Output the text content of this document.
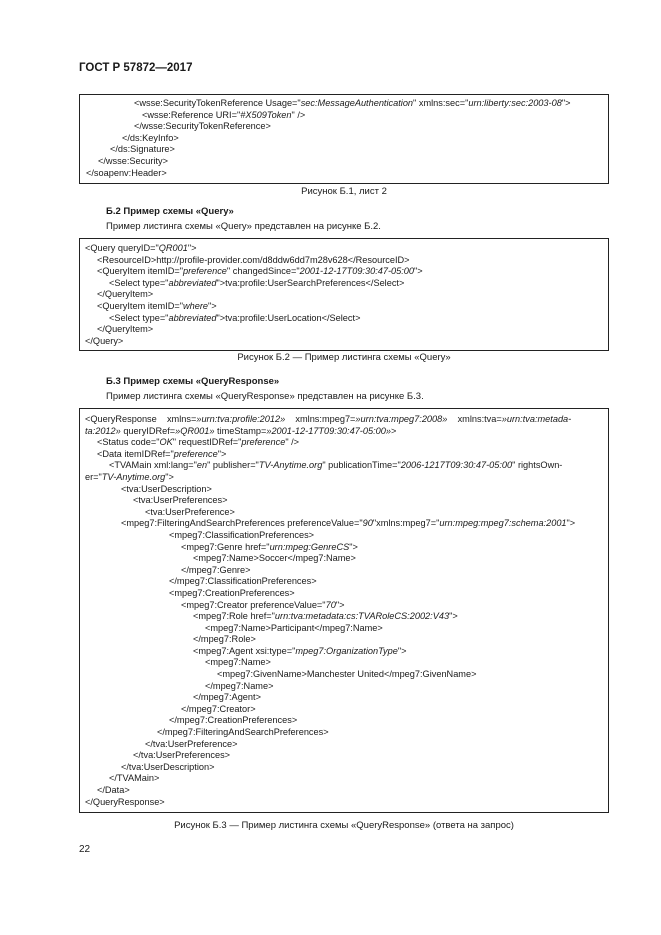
ГОСТ Р 57872—2017
<wsse:SecurityTokenReference Usage="sec:MessageAuthentication" xmlns:sec="urn:liberty:sec:2003-08">
<wsse:Reference URI="#X509Token" />
</wsse:SecurityTokenReference>
</ds:KeyInfo>
</ds:Signature>
</wsse:Security>
</soapenv:Header>
Рисунок Б.1, лист 2
Б.2 Пример схемы «Query»
Пример листинга схемы «Query» представлен на рисунке Б.2.
<Query queryID="QR001">
<ResourceID>http://profile-provider.com/d8ddw6dd7m28v628</ResourceID>
<QueryItem itemID="preference" changedSince="2001-12-17T09:30:47-05:00">
<Select type="abbreviated">tva:profile:UserSearchPreferences</Select>
</QueryItem>
<QueryItem itemID="where">
<Select type="abbreviated">tva:profile:UserLocation</Select>
</QueryItem>
</Query>
Рисунок Б.2 — Пример листинга схемы «Query»
Б.3 Пример схемы «QueryResponse»
Пример листинга схемы «QueryResponse» представлен на рисунке Б.3.
<QueryResponse    xmlns=»urn:tva:profile:2012»    xmlns:mpeg7=»urn:tva:mpeg7:2008»    xmlns:tva=»urn:tva:metada-
ta:2012» queryIDRef=»QR001» timeStamp=»2001-12-17T09:30:47-05:00»>
<Status code="OK" requestIDRef="preference" />
<Data itemIDRef="preference">
<TVAMain xml:lang="en" publisher="TV-Anytime.org" publicationTime="2006-1217T09:30:47-05:00" rightsOwn-
er="TV-Anytime.org">
<tva:UserDescription>
<tva:UserPreferences>
<tva:UserPreference>
<mpeg7:FilteringAndSearchPreferences preferenceValue="90"xmlns:mpeg7="urn:mpeg:mpeg7:schema:2001">
<mpeg7:ClassificationPreferences>
<mpeg7:Genre href="urn:mpeg:GenreCS">
<mpeg7:Name>Soccer</mpeg7:Name>
</mpeg7:Genre>
</mpeg7:ClassificationPreferences>
<mpeg7:CreationPreferences>
<mpeg7:Creator preferenceValue="70">
<mpeg7:Role href="urn:tva:metadata:cs:TVARoleCS:2002:V43">
<mpeg7:Name>Participant</mpeg7:Name>
</mpeg7:Role>
<mpeg7:Agent xsi:type="mpeg7:OrganizationType">
<mpeg7:Name>
<mpeg7:GivenName>Manchester United</mpeg7:GivenName>
</mpeg7:Name>
</mpeg7:Agent>
</mpeg7:Creator>
</mpeg7:CreationPreferences>
</mpeg7:FilteringAndSearchPreferences>
</tva:UserPreference>
</tva:UserPreferences>
</tva:UserDescription>
</TVAMain>
</Data>
</QueryResponse>
Рисунок Б.3 — Пример листинга схемы «QueryResponse» (ответа на запрос)
22
